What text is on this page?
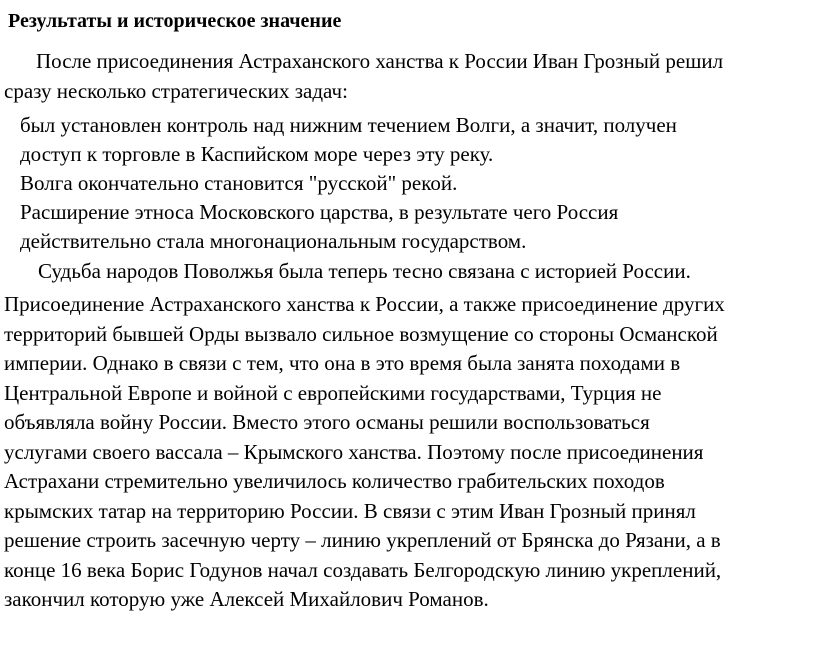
Результаты и историческое значение
После присоединения Астраханского ханства к России Иван Грозный решил
сразу несколько стратегических задач:
был установлен контроль над нижним течением Волги, а значит, получен
доступ к торговле в Каспийском море через эту реку.
Волга окончательно становится "русской" рекой.
Расширение этноса Московского царства, в результате чего Россия
действительно стала многонациональным государством.
Судьба народов Поволжья была теперь тесно связана с историей России.
Присоединение Астраханского ханства к России, а также присоединение других
территорий бывшей Орды вызвало сильное возмущение со стороны Османской
империи. Однако в связи с тем, что она в это время была занята походами в
Центральной Европе и войной с европейскими государствами, Турция не
объявляла войну России. Вместо этого османы решили воспользоваться
услугами своего вассала – Крымского ханства. Поэтому после присоединения
Астрахани стремительно увеличилось количество грабительских походов
крымских татар на территорию России. В связи с этим Иван Грозный принял
решение строить засечную черту – линию укреплений от Брянска до Рязани, а в
конце 16 века Борис Годунов начал создавать Белгородскую линию укреплений,
закончил которую уже Алексей Михайлович Романов.
